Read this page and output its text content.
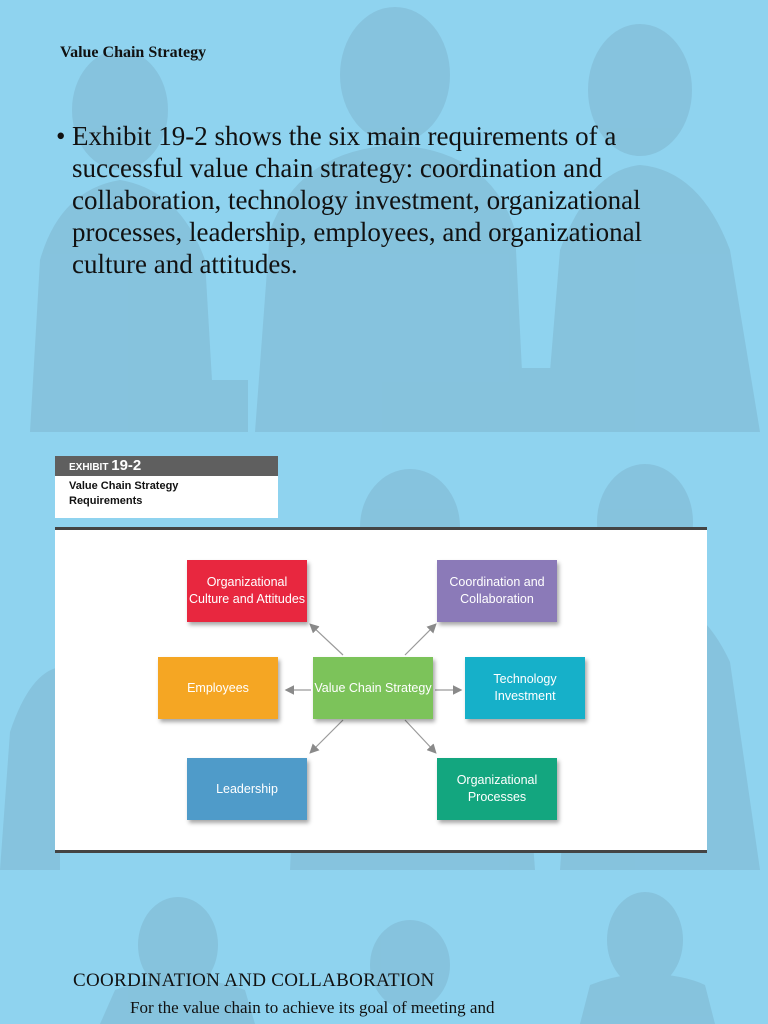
Value Chain Strategy
• Exhibit 19-2 shows the six main requirements of a successful value chain strategy: coordination and collaboration, technology investment, organizational processes, leadership, employees, and organizational culture and attitudes.
EXHIBIT 19-2
Value Chain Strategy
Requirements
Organizational Culture and Attitudes
Coordination and Collaboration
Employees	Value Chain Strategy
Technology Investment
Leadership
Organizational Processes
COORDINATION AND COLLABORATION
For the value chain to achieve its goal of meeting and
